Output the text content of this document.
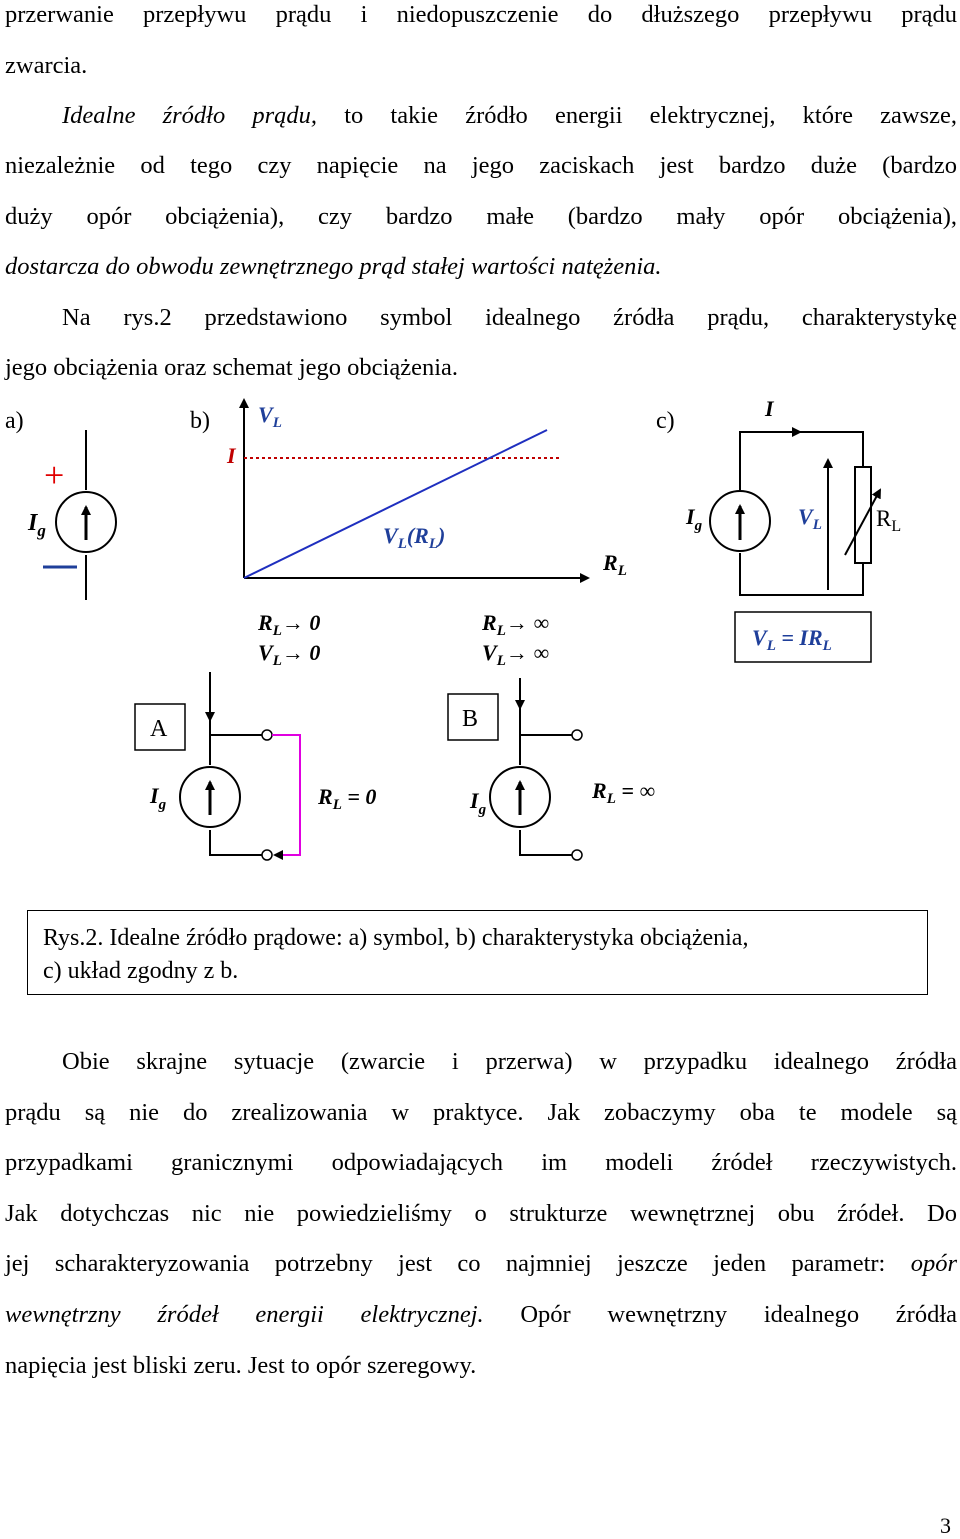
przerwanie przepływu prądu i niedopuszczenie do dłuższego przepływu prądu
zwarcia.
Idealne źródło prądu, to takie źródło energii elektrycznej, które zawsze,
niezależnie od tego czy napięcie na jego zaciskach jest bardzo duże (bardzo
duży opór obciążenia), czy bardzo małe (bardzo mały opór obciążenia),
dostarcza do obwodu zewnętrznego prąd stałej wartości natężenia.
Na rys.2 przedstawiono symbol idealnego źródła prądu, charakterystykę
jego obciążenia oraz schemat jego obciążenia.
a)
+
$I_g$
b) $V_L$
I
$V_L(R_L)$
$R_L$
$R_L\to 0$
$V_L\to 0$
$R_L\to$ ∞
$V_L\to$ ∞
c)	I
$I_g$	$V_L$ $R_L$
$V_L = IR_L$
A
$I_g$	$R_L = 0$
B
$I_g$
$R_L$ = ∞
Rys.2. Idealne źródło prądowe: a) symbol, b) charakterystyka obciążenia,
c) układ zgodny z b.
Obie skrajne sytuacje (zwarcie i przerwa) w przypadku idealnego źródła
prądu są nie do zrealizowania w praktyce. Jak zobaczymy oba te modele są
przypadkami granicznymi odpowiadających im modeli źródeł rzeczywistych.
Jak dotychczas nic nie powiedzieliśmy o strukturze wewnętrznej obu źródeł. Do
jej scharakteryzowania potrzebny jest co najmniej jeszcze jeden parametr: opór
wewnętrzny źródeł energii elektrycznej. Opór wewnętrzny idealnego źródła
napięcia jest bliski zeru. Jest to opór szeregowy.
3
